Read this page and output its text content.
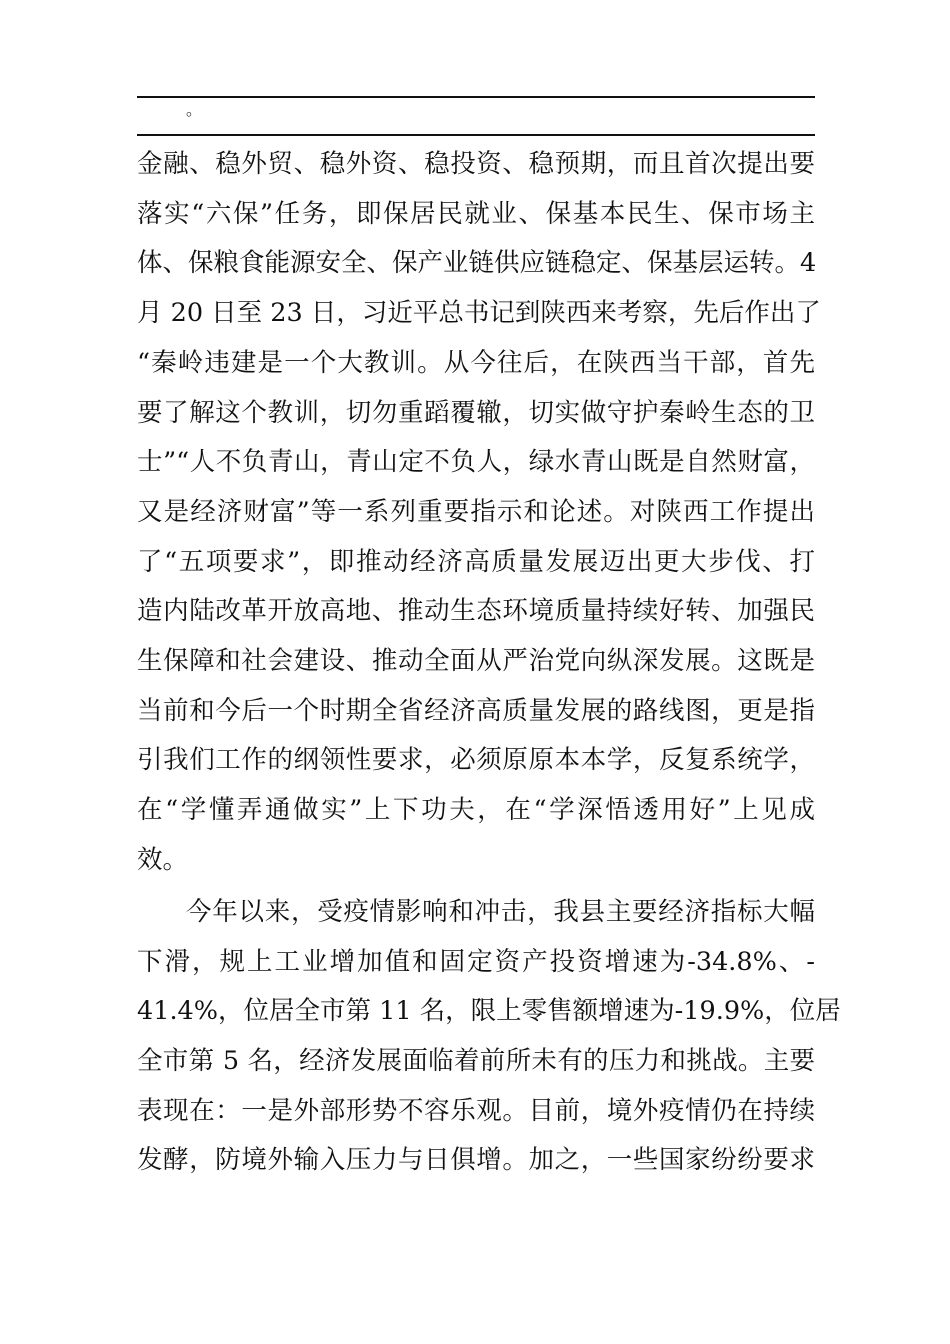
。
金融、稳外贸、稳外资、稳投资、稳预期，而且首次提出要
落实“六保”任务，即保居民就业、保基本民生、保市场主
体、保粮食能源安全、保产业链供应链稳定、保基层运转。4
月 20 日至 23 日，习近平总书记到陕西来考察，先后作出了
“秦岭违建是一个大教训。从今往后，在陕西当干部，首先
要了解这个教训，切勿重蹈覆辙，切实做守护秦岭生态的卫
士”“人不负青山，青山定不负人，绿水青山既是自然财富，
又是经济财富”等一系列重要指示和论述。对陕西工作提出
了“五项要求”，即推动经济高质量发展迈出更大步伐、打
造内陆改革开放高地、推动生态环境质量持续好转、加强民
生保障和社会建设、推动全面从严治党向纵深发展。这既是
当前和今后一个时期全省经济高质量发展的路线图，更是指
引我们工作的纲领性要求，必须原原本本学，反复系统学，
在“学懂弄通做实”上下功夫，在“学深悟透用好”上见成
效。
今年以来，受疫情影响和冲击，我县主要经济指标大幅
下滑，规上工业增加值和固定资产投资增速为-34.8%、-
41.4%，位居全市第 11 名，限上零售额增速为-19.9%，位居
全市第 5 名，经济发展面临着前所未有的压力和挑战。主要
表现在：一是外部形势不容乐观。目前，境外疫情仍在持续
发酵，防境外输入压力与日俱增。加之，一些国家纷纷要求
